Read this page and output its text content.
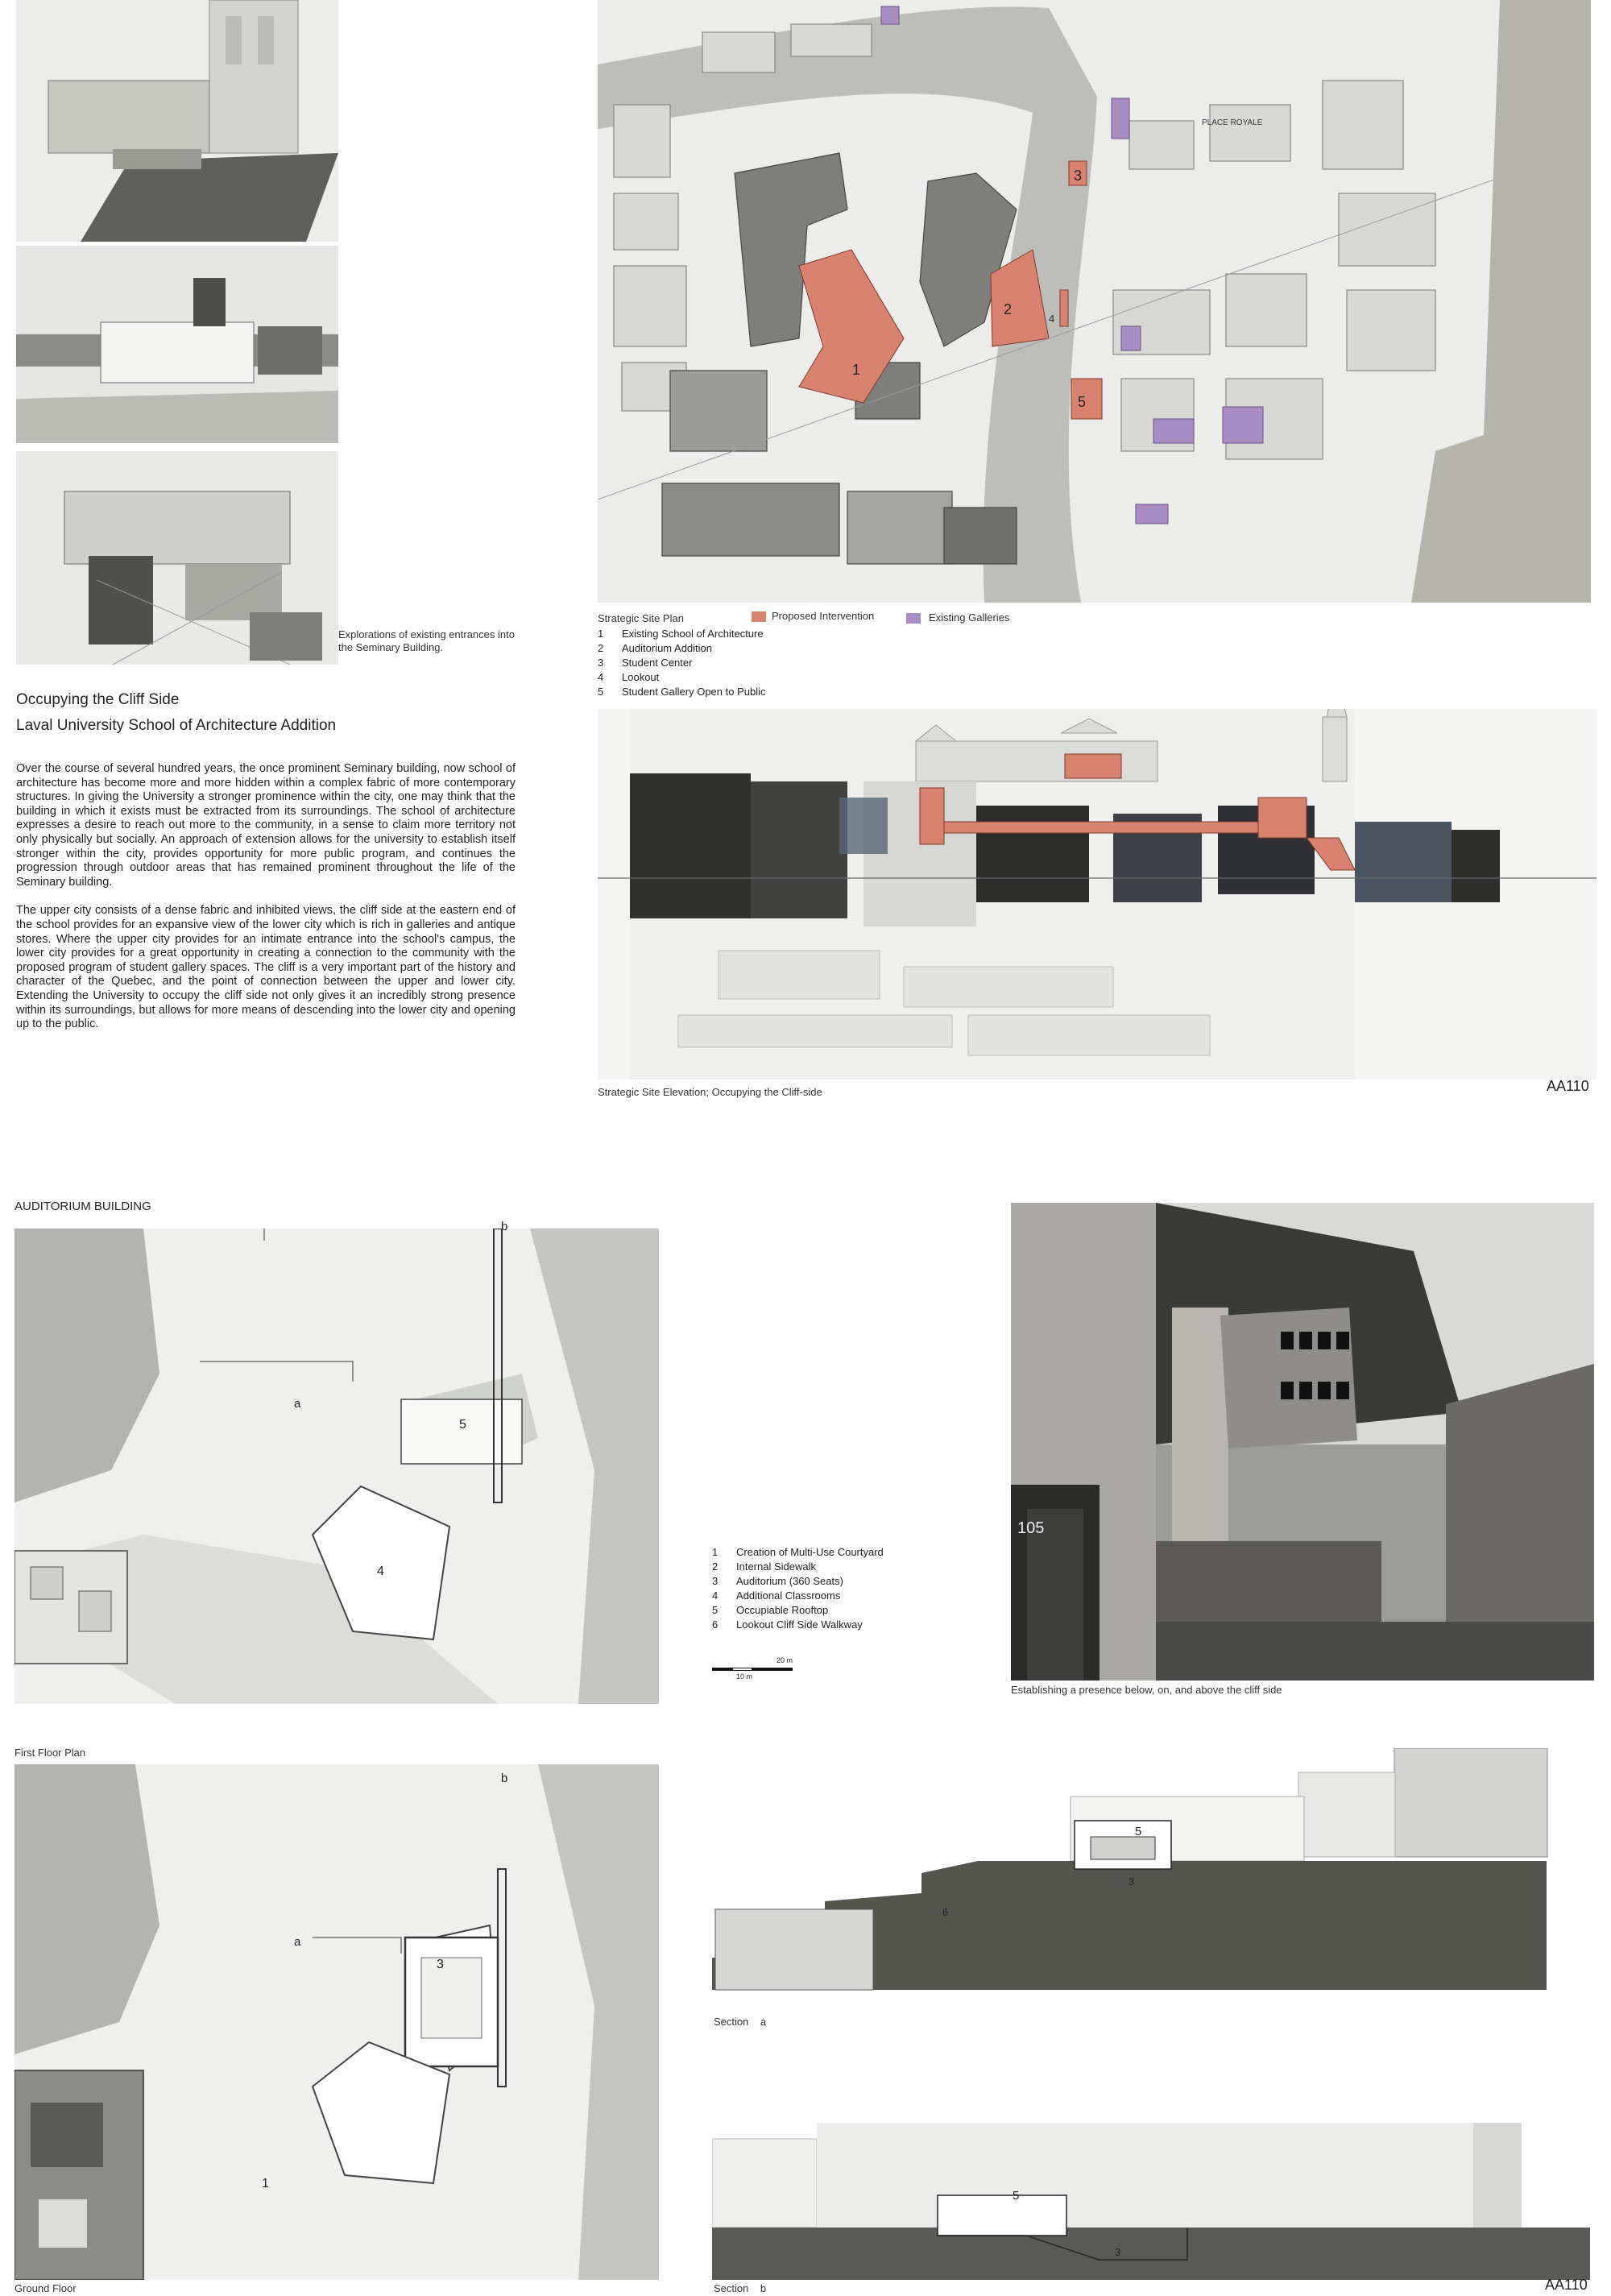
Explorations of existing entrances into the Seminary Building.
Occupying the Cliff Side
Laval University School of Architecture Addition

Over the course of several hundred years, the once prominent Seminary building, now school of architecture has become more and more hidden within a complex fabric of more contemporary structures. In giving the University a stronger prominence within the city, one may think that the building in which it exists must be extracted from its surroundings. The school of architecture expresses a desire to reach out more to the community, in a sense to claim more territory not only physically but socially. An approach of extension allows for the university to establish itself stronger within the city, provides opportunity for more public program, and continues the progression through outdoor areas that has remained prominent throughout the life of the Seminary building.

The upper city consists of a dense fabric and inhibited views, the cliff side at the eastern end of the school provides for an expansive view of the lower city which is rich in galleries and antique stores. Where the upper city provides for an intimate entrance into the school's campus, the lower city provides for a great opportunity in creating a connection to the community with the proposed program of student gallery spaces. The cliff is a very important part of the history and character of the Quebec, and the point of connection between the upper and lower city. Extending the University to occupy the cliff side not only gives it an incredibly strong presence within its surroundings, but allows for more means of descending into the lower city and opening up to the public.

1
2
3
4
5
PLACE ROYALE
Strategic Site Plan	Proposed Intervention	Existing Galleries
1	Existing School of Architecture
2	Auditorium Addition
3	Student Center
4	Lookout
5	Student Gallery Open to Public
Strategic Site Elevation; Occupying the Cliff-side	AA110
AUDITORIUM BUILDING
a
5
4
b
First Floor Plan
a
b
3
1
Ground Floor
1	Creation of Multi-Use Courtyard
2	Internal Sidewalk
3	Auditorium (360 Seats)
4	Additional Classrooms
5	Occupiable Rooftop
6	Lookout Cliff Side Walkway
20 m
10 m
105
Establishing a presence below, on, and above the cliff side
5
3
6
Section a
5
3
Section b	AA110
